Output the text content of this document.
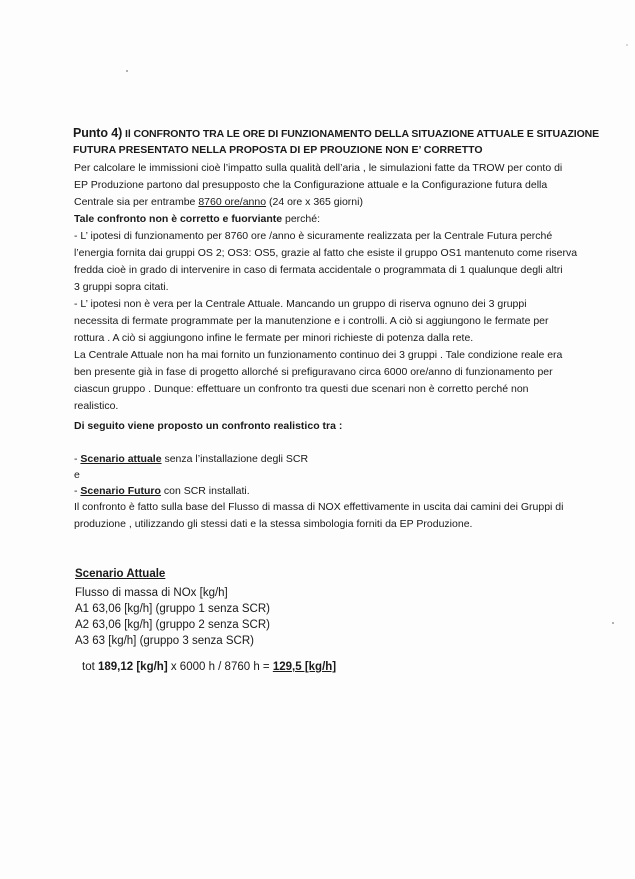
Punto 4) Il CONFRONTO TRA LE ORE DI FUNZIONAMENTO DELLA SITUAZIONE ATTUALE E SITUAZIONE
FUTURA PRESENTATO NELLA PROPOSTA DI EP PROUZIONE NON E’ CORRETTO
Per calcolare le immissioni cioè l’impatto sulla qualità dell’aria , le simulazioni fatte da TROW per conto di
EP Produzione partono dal presupposto che la Configurazione attuale e la Configurazione futura della
Centrale sia per entrambe 8760 ore/anno (24 ore x 365 giorni)
Tale confronto non è corretto e fuorviante perché:
- L’ ipotesi di funzionamento per 8760 ore /anno è sicuramente realizzata per la Centrale Futura perché
l’energia fornita dai gruppi OS 2; OS3: OS5, grazie al fatto che esiste il gruppo OS1 mantenuto come riserva
fredda cioè in grado di intervenire in caso di fermata accidentale o programmata di 1 qualunque degli altri
3 gruppi sopra citati.
- L’ ipotesi non è vera per la Centrale Attuale. Mancando un gruppo di riserva ognuno dei 3 gruppi
necessita di fermate programmate per la manutenzione e i controlli. A ciò si aggiungono le fermate per
rottura . A ciò si aggiungono infine le fermate per minori richieste di potenza dalla rete.
La Centrale Attuale non ha mai fornito un funzionamento continuo dei 3 gruppi . Tale condizione reale era
ben presente già in fase di progetto allorché si prefiguravano circa 6000 ore/anno di funzionamento per
ciascun gruppo . Dunque: effettuare un confronto tra questi due scenari non è corretto perché non
realistico.
Di seguito viene proposto un confronto realistico tra :
- Scenario attuale senza l’installazione degli SCR
e
- Scenario Futuro con SCR installati.
Il confronto è fatto sulla base del Flusso di massa di NOX effettivamente in uscita dai camini dei Gruppi di
produzione , utilizzando gli stessi dati e la stessa simbologia forniti da EP Produzione.
Scenario Attuale
Flusso di massa di NOx [kg/h]
A1 63,06 [kg/h] (gruppo 1 senza SCR)
A2 63,06 [kg/h] (gruppo 2 senza SCR)
A3 63 [kg/h] (gruppo 3 senza SCR)
tot 189,12 [kg/h] x 6000 h / 8760 h = 129,5 [kg/h]
